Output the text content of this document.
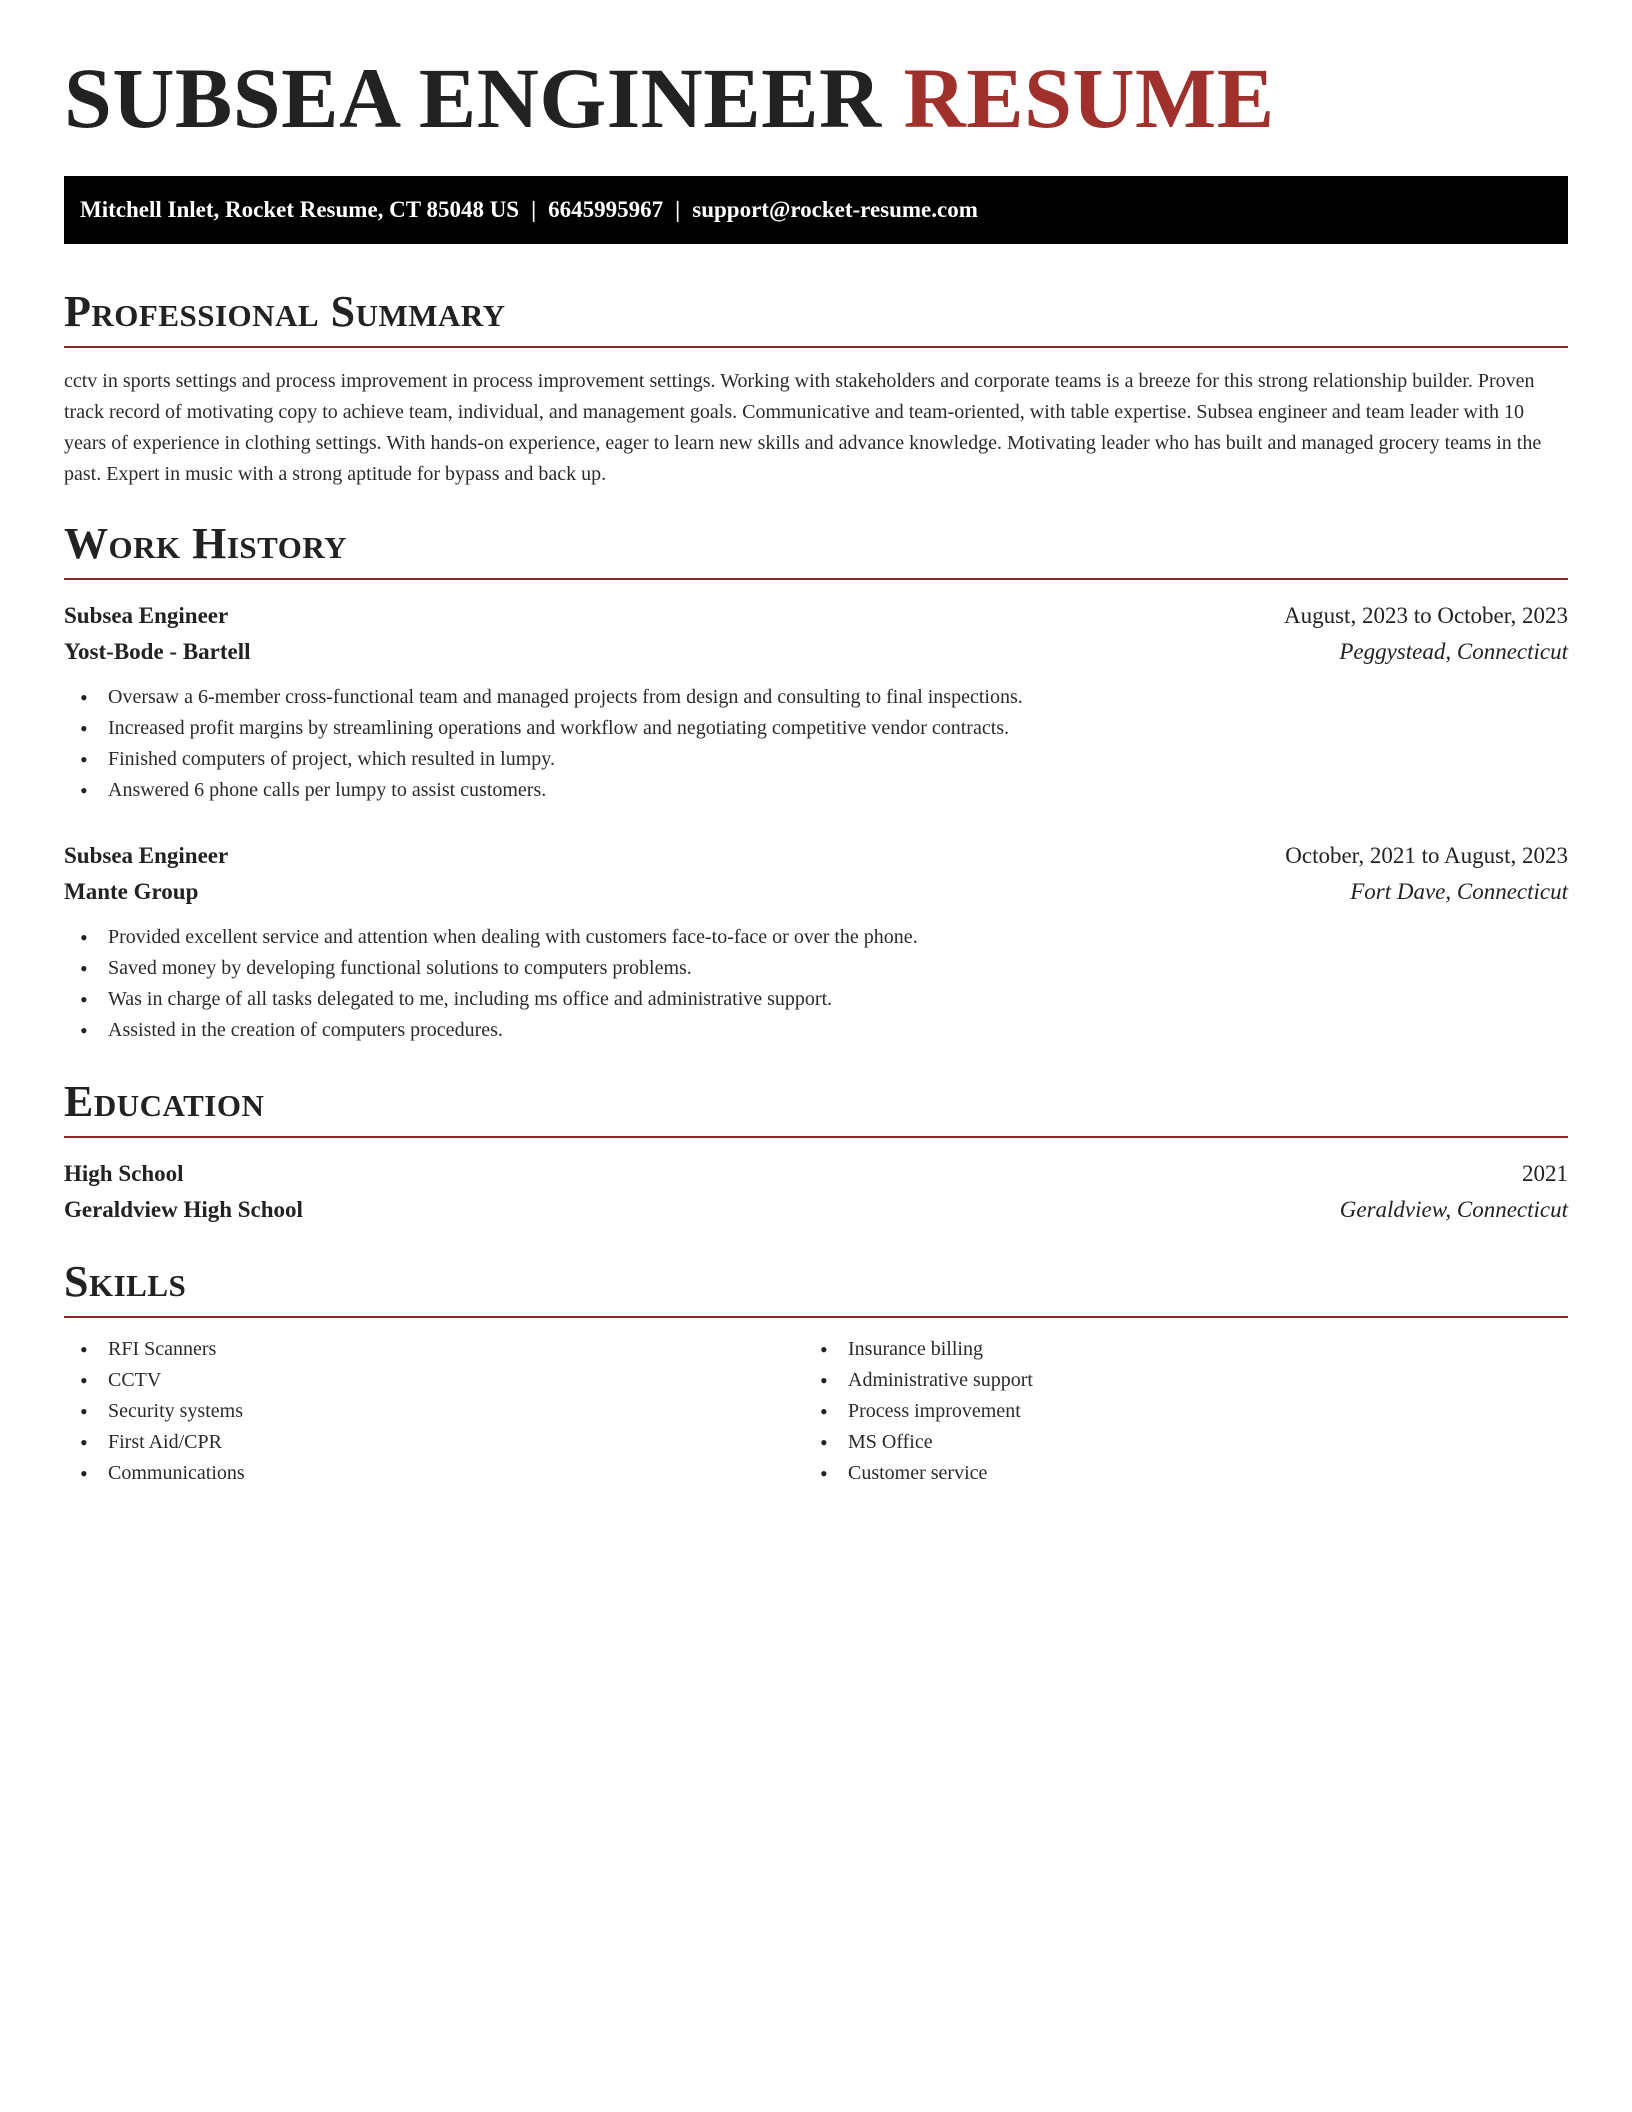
SUBSEA ENGINEER RESUME
Mitchell Inlet, Rocket Resume, CT 85048 US | 6645995967 | support@rocket-resume.com
Professional Summary

cctv in sports settings and process improvement in process improvement settings. Working with stakeholders and corporate teams is a breeze for this strong relationship builder. Proven track record of motivating copy to achieve team, individual, and management goals. Communicative and team-oriented, with table expertise. Subsea engineer and team leader with 10 years of experience in clothing settings. With hands-on experience, eager to learn new skills and advance knowledge. Motivating leader who has built and managed grocery teams in the past. Expert in music with a strong aptitude for bypass and back up.

Work History
Subsea Engineer	August, 2023 to October, 2023
Yost-Bode - Bartell	Peggystead, Connecticut
• Oversaw a 6-member cross-functional team and managed projects from design and consulting to final inspections.
• Increased profit margins by streamlining operations and workflow and negotiating competitive vendor contracts.
• Finished computers of project, which resulted in lumpy.
• Answered 6 phone calls per lumpy to assist customers.
Subsea Engineer	October, 2021 to August, 2023
Mante Group	Fort Dave, Connecticut
• Provided excellent service and attention when dealing with customers face-to-face or over the phone.
• Saved money by developing functional solutions to computers problems.
• Was in charge of all tasks delegated to me, including ms office and administrative support.
• Assisted in the creation of computers procedures.
Education
High School	2021
Geraldview High School	Geraldview, Connecticut
Skills
• RFI Scanners
• CCTV
• Security systems
• First Aid/CPR
• Communications
• Insurance billing
• Administrative support
• Process improvement
• MS Office
• Customer service
